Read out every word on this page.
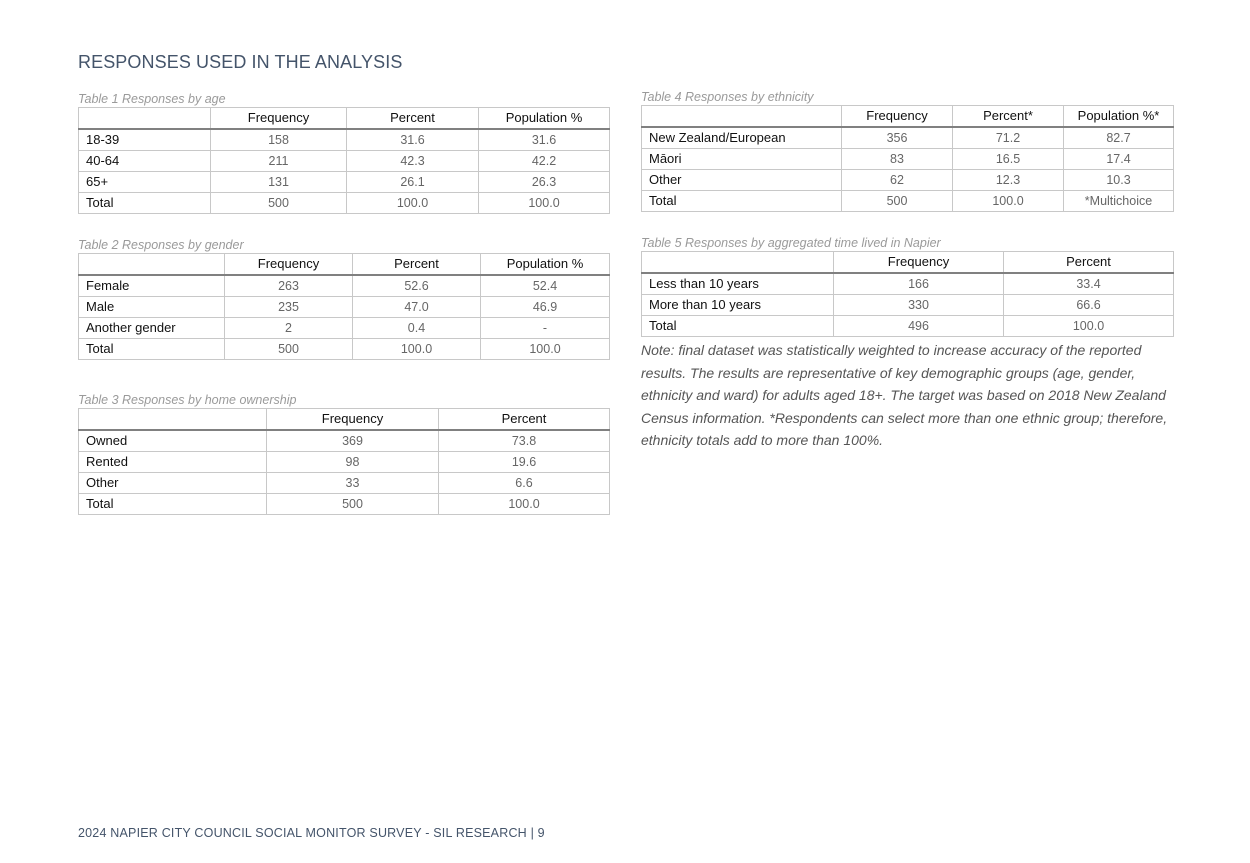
RESPONSES USED IN THE ANALYSIS
Table 1 Responses by age
	Frequency	Percent	Population %
18-39	158	31.6	31.6
40-64	211	42.3	42.2
65+	131	26.1	26.3
Total	500	100.0	100.0
Table 2 Responses by gender
	Frequency	Percent	Population %
Female	263	52.6	52.4
Male	235	47.0	46.9
Another gender	2	0.4	-
Total	500	100.0	100.0
Table 3 Responses by home ownership
	Frequency	Percent
Owned	369	73.8
Rented	98	19.6
Other	33	6.6
Total	500	100.0
Table 4 Responses by ethnicity
	Frequency	Percent*	Population %*
New Zealand/European	356	71.2	82.7
Māori	83	16.5	17.4
Other	62	12.3	10.3
Total	500	100.0	*Multichoice
Table 5 Responses by aggregated time lived in Napier
	Frequency	Percent
Less than 10 years	166	33.4
More than 10 years	330	66.6
Total	496	100.0

Note: final dataset was statistically weighted to increase accuracy of the reported results. The results are representative of key demographic groups (age, gender, ethnicity and ward) for adults aged 18+. The target was based on 2018 New Zealand Census information. *Respondents can select more than one ethnic group; therefore, ethnicity totals add to more than 100%.

2024 NAPIER CITY COUNCIL SOCIAL MONITOR SURVEY - SIL RESEARCH | 9
